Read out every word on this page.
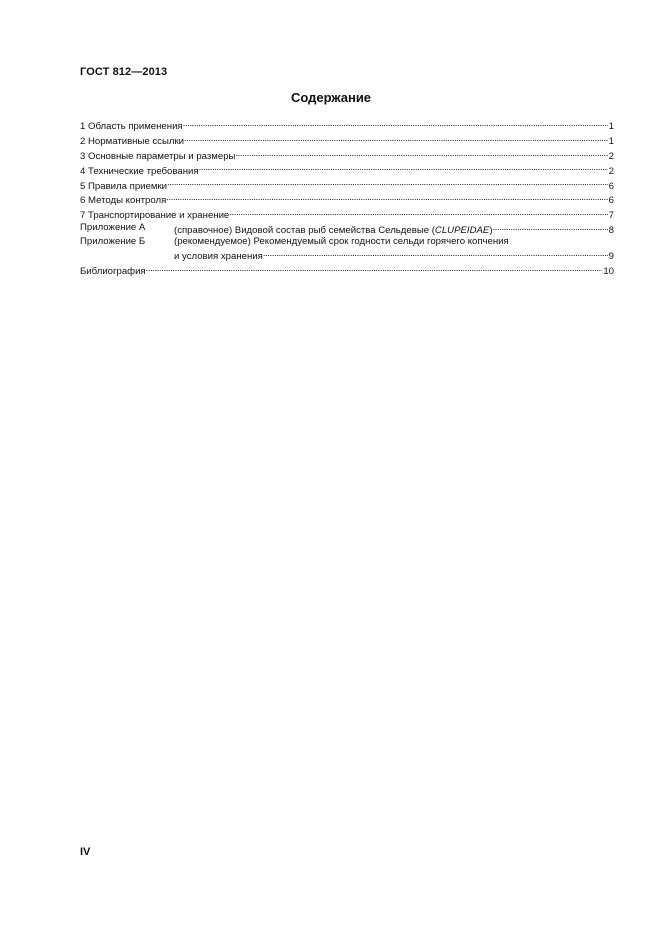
ГОСТ 812—2013
Содержание
1 Область применения . . .	1
2 Нормативные ссылки . . .	1
3 Основные параметры и размеры . . .	2
4 Технические требования . . .	2
5 Правила приемки . . .	6
6 Методы контроля . . .	6
7 Транспортирование и хранение . . .	7
Приложение А	(справочное) Видовой состав рыб семейства Сельдевые (CLUPEIDAE) . . .	8
Приложение Б	(рекомендуемое) Рекомендуемый срок годности сельди горячего копчения
и условия хранения . . .	9
Библиография . . .	10
IV
